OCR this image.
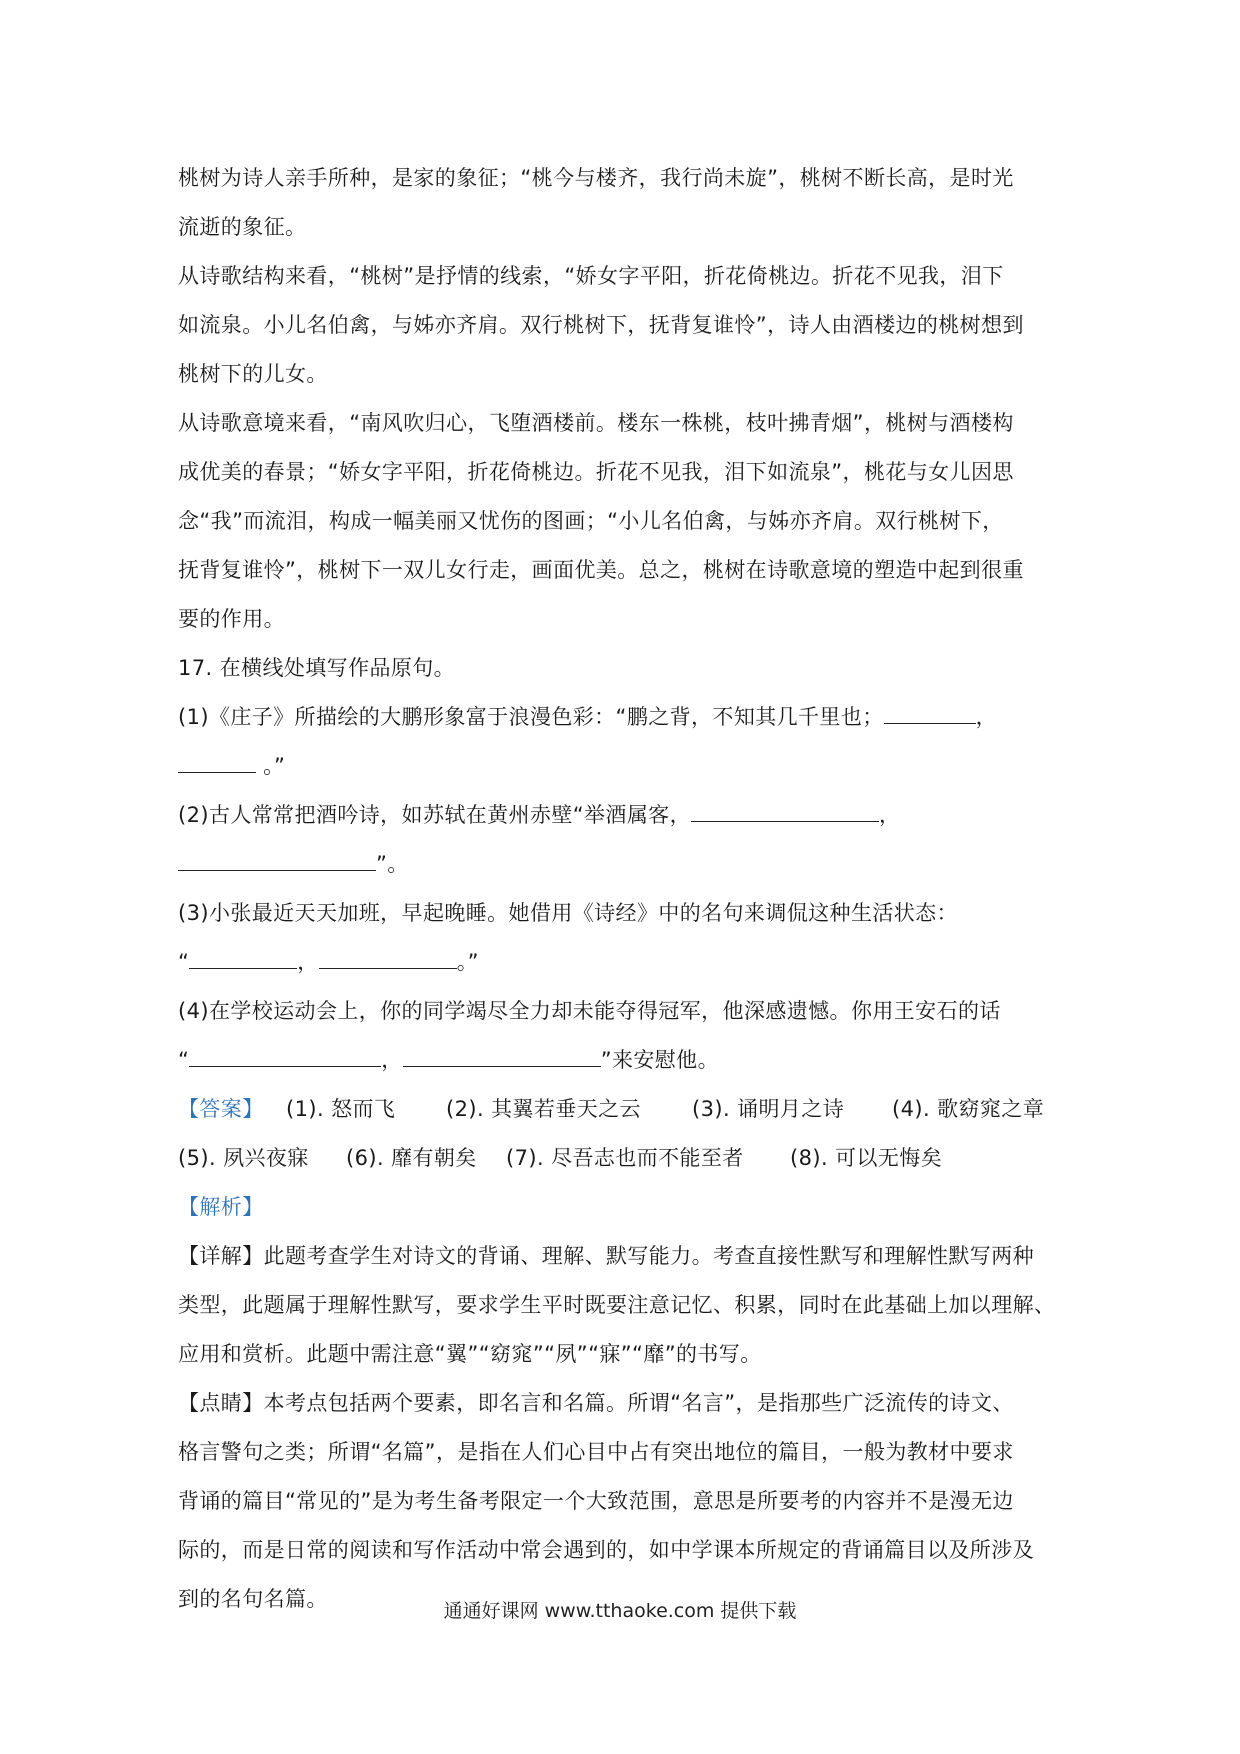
桃树为诗人亲手所种，是家的象征；“桃今与楼齐，我行尚未旋”，桃树不断长高，是时光
流逝的象征。
从诗歌结构来看，“桃树”是抒情的线索，“娇女字平阳，折花倚桃边。折花不见我，泪下
如流泉。小儿名伯禽，与姊亦齐肩。双行桃树下，抚背复谁怜”，诗人由酒楼边的桃树想到
桃树下的儿女。
从诗歌意境来看，“南风吹归心，飞堕酒楼前。楼东一株桃，枝叶拂青烟”，桃树与酒楼构
成优美的春景；“娇女字平阳，折花倚桃边。折花不见我，泪下如流泉”，桃花与女儿因思
念“我”而流泪，构成一幅美丽又忧伤的图画；“小儿名伯禽，与姊亦齐肩。双行桃树下，
抚背复谁怜”，桃树下一双儿女行走，画面优美。总之，桃树在诗歌意境的塑造中起到很重
要的作用。
17. 在横线处填写作品原句。
(1)《庄子》所描绘的大鹏形象富于浪漫色彩：“鹏之背，不知其几千里也；	，
。”
(2)古人常常把酒吟诗，如苏轼在黄州赤壁“举酒属客，	，
”。
(3)小张最近天天加班，早起晚睡。她借用《诗经》中的名句来调侃这种生活状态：
“	，	。”
(4)在学校运动会上，你的同学竭尽全力却未能夺得冠军，他深感遗憾。你用王安石的话
“	，	”来安慰他。
【答案】	(1). 怒而飞	(2). 其翼若垂天之云	(3). 诵明月之诗	(4). 歌窈窕之章
(5). 夙兴夜寐	(6). 靡有朝矣	(7). 尽吾志也而不能至者	(8). 可以无悔矣
【解析】
【详解】此题考查学生对诗文的背诵、理解、默写能力。考查直接性默写和理解性默写两种
类型，此题属于理解性默写，要求学生平时既要注意记忆、积累，同时在此基础上加以理解、
应用和赏析。此题中需注意“翼”“窈窕”“夙”“寐”“靡”的书写。
【点睛】本考点包括两个要素，即名言和名篇。所谓“名言”，是指那些广泛流传的诗文、
格言警句之类；所谓“名篇”，是指在人们心目中占有突出地位的篇目，一般为教材中要求
背诵的篇目“常见的”是为考生备考限定一个大致范围，意思是所要考的内容并不是漫无边
际的，而是日常的阅读和写作活动中常会遇到的，如中学课本所规定的背诵篇目以及所涉及
到的名句名篇。	通通好课网 www.tthaoke.com 提供下载
